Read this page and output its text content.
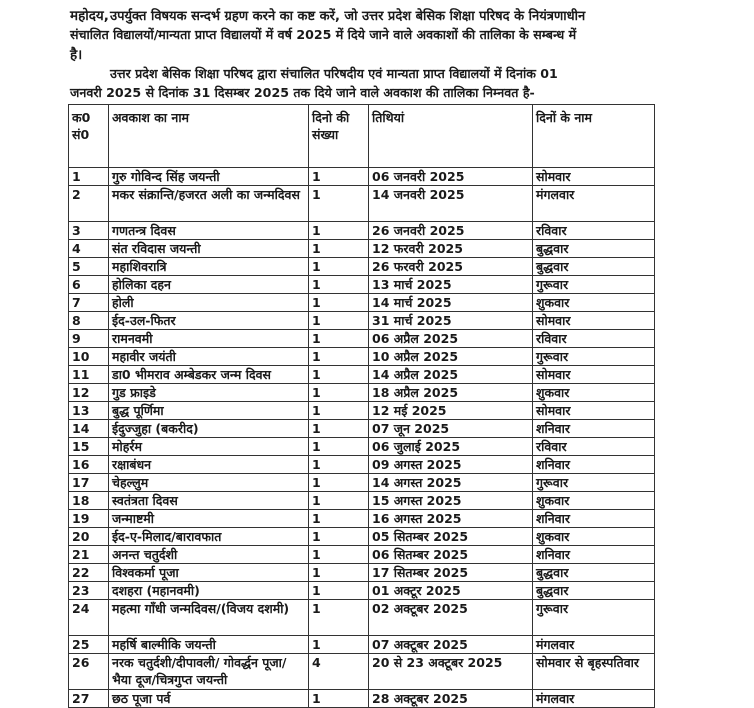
महोदय, उपर्युक्त विषयक सन्दर्भ ग्रहण करने का कष्ट करें, जो उत्तर प्रदेश बेसिक शिक्षा परिषद के नियंत्रणाधीन
संचालित विद्यालयों/मान्यता प्राप्त विद्यालयों में वर्ष 2025 में दिये जाने वाले अवकाशों की तालिका के सम्बन्ध में
है।
उत्तर प्रदेश बेसिक शिक्षा परिषद द्वारा संचालित परिषदीय एवं मान्यता प्राप्त विद्यालयों में दिनांक 01
जनवरी 2025 से दिनांक 31 दिसम्बर 2025 तक दिये जाने वाले अवकाश की तालिका निम्नवत है-
क0 सं0	अवकाश का नाम	दिनो की संख्या	तिथियां	दिनों के नाम
1	गुरु गोविन्द सिंह जयन्ती	1	06 जनवरी 2025	सोमवार
2	मकर संक्रान्ति/हजरत अली का जन्मदिवस	1	14 जनवरी 2025	मंगलवार
3	गणतन्त्र दिवस	1	26 जनवरी 2025	रविवार
4	संत रविदास जयन्ती	1	12 फरवरी 2025	बुद्धवार
5	महाशिवरात्रि	1	26 फरवरी 2025	बुद्धवार
6	होलिका दहन	1	13 मार्च 2025	गुरूवार
7	होली	1	14 मार्च 2025	शुकवार
8	ईद-उल-फितर	1	31 मार्च 2025	सोमवार
9	रामनवमी	1	06 अप्रैल 2025	रविवार
10	महावीर जयंती	1	10 अप्रैल 2025	गुरूवार
11	डा0 भीमराव अम्बेडकर जन्म दिवस	1	14 अप्रैल 2025	सोमवार
12	गुड फ्राइडे	1	18 अप्रैल 2025	शुकवार
13	बुद्ध पूर्णिमा	1	12 मई 2025	सोमवार
14	ईदुज्जुहा (बकरीद)	1	07 जून 2025	शनिवार
15	मोहर्रम	1	06 जुलाई 2025	रविवार
16	रक्षाबंधन	1	09 अगस्त 2025	शनिवार
17	चेहल्लुम	1	14 अगस्त 2025	गुरूवार
18	स्वतंत्रता दिवस	1	15 अगस्त 2025	शुकवार
19	जन्माष्टमी	1	16 अगस्त 2025	शनिवार
20	ईद-ए-मिलाद/बारावफात	1	05 सितम्बर 2025	शुकवार
21	अनन्त चतुर्दशी	1	06 सितम्बर 2025	शनिवार
22	विश्वकर्मा पूजा	1	17 सितम्बर 2025	बुद्धवार
23	दशहरा (महानवमी)	1	01 अक्टूर 2025	बुद्धवार
24	महत्मा गाँधी जन्मदिवस/(विजय दशमी)	1	02 अक्टूबर 2025	गुरूवार
25	महर्षि बाल्मीकि जयन्ती	1	07 अक्टूबर 2025	मंगलवार
26	नरक चतुर्दशी/दीपावली/ गोवर्द्धन पूजा/ भैया दूज/चित्रगुप्त जयन्ती	4	20 से 23 अक्टूबर 2025	सोमवार से बृहस्पतिवार
27	छठ पूजा पर्व	1	28 अक्टूबर 2025	मंगलवार
